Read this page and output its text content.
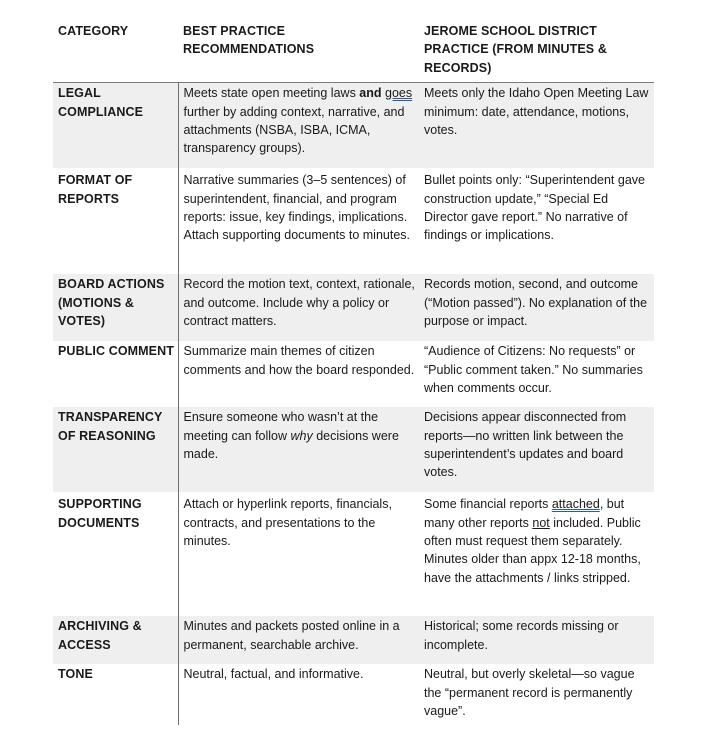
CATEGORY	BEST PRACTICE RECOMMENDATIONS	JEROME SCHOOL DISTRICT PRACTICE (FROM MINUTES & RECORDS)
LEGAL COMPLIANCE	Meets state open meeting laws and goes further by adding context, narrative, and attachments (NSBA, ISBA, ICMA, transparency groups).	Meets only the Idaho Open Meeting Law minimum: date, attendance, motions, votes.
FORMAT OF REPORTS	Narrative summaries (3–5 sentences) of superintendent, financial, and program reports: issue, key findings, implications. Attach supporting documents to minutes.	Bullet points only: “Superintendent gave construction update,” “Special Ed Director gave report.” No narrative of findings or implications.
BOARD ACTIONS (MOTIONS & VOTES)	Record the motion text, context, rationale, and outcome. Include why a policy or contract matters.	Records motion, second, and outcome (“Motion passed”). No explanation of the purpose or impact.
PUBLIC COMMENT	Summarize main themes of citizen comments and how the board responded.	“Audience of Citizens: No requests” or “Public comment taken.” No summaries when comments occur.
TRANSPARENCY OF REASONING	Ensure someone who wasn’t at the meeting can follow why decisions were made.	Decisions appear disconnected from reports—no written link between the superintendent’s updates and board votes.
SUPPORTING DOCUMENTS	Attach or hyperlink reports, financials, contracts, and presentations to the minutes.	Some financial reports attached, but many other reports not included. Public often must request them separately. Minutes older than appx 12-18 months, have the attachments / links stripped.
ARCHIVING & ACCESS	Minutes and packets posted online in a permanent, searchable archive.	Historical; some records missing or incomplete.
TONE	Neutral, factual, and informative.	Neutral, but overly skeletal—so vague the “permanent record is permanently vague”.
